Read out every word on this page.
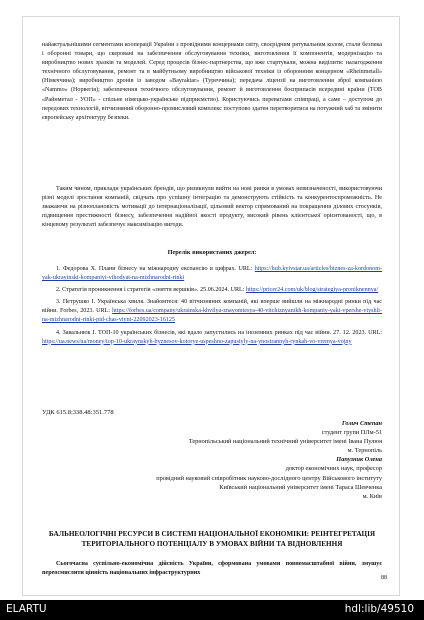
найактуальнішими сегментами кооперації України з провідними концернами світу, своєрідним рятувальним колом, стали безпека і оборонні товари, що скеровані на забезпечення обслуговування техніки, виготовлення її компонентів, модернізацію та виробництво нових зразків та моделей. Серед процесів бізнес-партнерства, що вже стартували, можна виділити: налагодження технічного обслуговування, ремонт та в майбутньому виробництво військової техніки із оборонним концерном «Rheinmetall» (Німеччина); виробництво дронів із заводом «Bayraktar» (Туреччина); передача ліцензії на виготовлення зброї компанією «Nammo» (Норвегія); забезпечення технічного обслуговування, ремонт й виготовлення боєприпасів всередині країни (ТОВ «Райнметал - УОП» - спільне німецько-українське підприємство). Користуючись перевагами співпраці, а саме – доступом до передових технологій, вітчизняний оборонно-промисловий комплекс поступово здатен перетворитися на потужний хаб та змінити європейську архітектуру безпеки.

Таким чином, приклади українських брендів, що ризикнули вийти на нові ринки в умовах невизначеності, використовуючи різні моделі зростання компаній, свідчать про успішну інтеграцію та демонструють стійкість та конкурентоспроможність. Не зважаючи на різноплановість мотивації до інтернаціоналізації, цільовий вектор спрямований на покращення ділових стосунків, підвищення престижності бізнесу, забезпечення надійної якості продукту, високий рівень клієнтської орієнтованості, що, в кінцевому результаті забезпечує максимізацію вигоди.

Перелік використаних джерел:

1. Федорова Х. Плани бізнесу на міжнародну експансію в цифрах. URL: https://hub.kyivstar.ua/articles/biznes-za-kordonom-yak-ukrayinski-kompaniyi-vihodyat-na-mizhnarodni-rinki
2. Стратегія проникнення і стратегія «зняття вершків». 25.06.2024. URL: https://pricer24.com/uk/blog/strategiya-proniknennya/
3. Петрушко І. Українська хвиля. Знайомтеся: 40 вітчизняних компаній, які вперше вийшли на міжнародні ринки під час війни. Forbes, 2023. URL: https://forbes.ua/company/ukrainska-khvilya-znayomtesya-40-vitchiznyanikh-kompaniy-yaki-vpershe-viyshli-na-mizhnarodni-rinki-pid-chas-viyni-22092023-16125
4. Завальнюк І. ТОП-10 українських бізнесів, які вдало запустились на іноземних ринках під час війни. 27. 12. 2023. URL: https://ua.news/ua/money/top-10-ukraynskyh-byznesov-kotorye-uspeshno-zapustyly-na-ynostrannyh-rynkah-vo-vremya-vojny

УДК 615.8:338.48:351.778

Голич Степан
студент групи ПЛм-51
Тернопільський національний технічний університет імені Івана Пулюя
м. Тернопіль
Папузник Олена
доктор економічних наук, професор
провідний науковий співробітник науково-дослідного центру Військового інституту
Київський національний університет імені Тараса Шевченка
м. Київ
БАЛЬНЕОЛОГІЧНІ РЕСУРСИ В СИСТЕМІ НАЦІОНАЛЬНОЇ ЕКОНОМІКИ: РЕІНТЕГРЕТАЦІЯ ТЕРИТОРІАЛЬНОГО ПОТЕНЦІАЛУ В УМОВАХ ВІЙНИ ТА ВІДНОВЛЕННЯ

Сьогочасна суспільно-економічна дійсність України, сформована умовами повномасштабної війни, змушує переосмислити цінність національних інфраструктурних

88
ELARTU	hdl:lib/49510
